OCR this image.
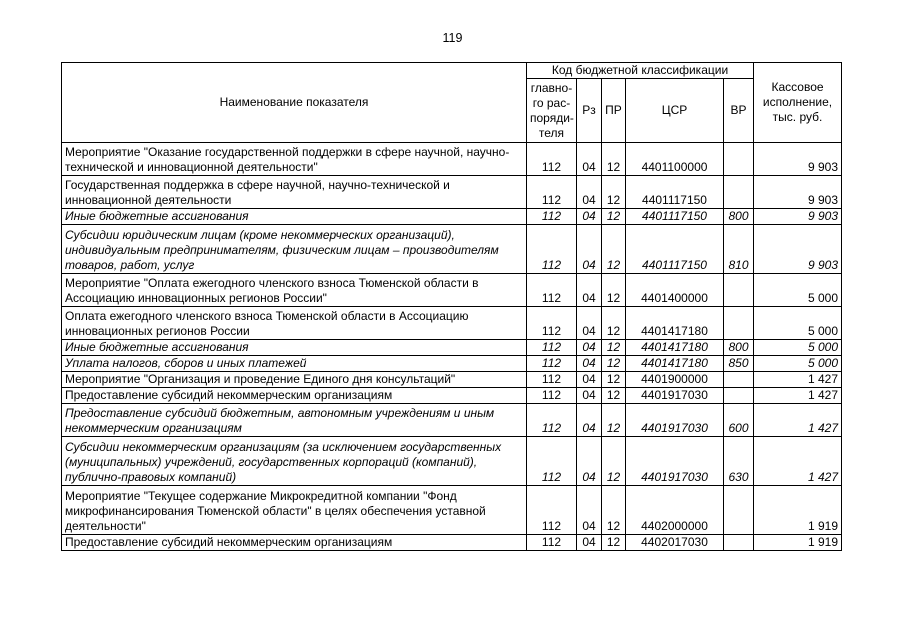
119
Наименование показателя	Код бюджетной классификации					Кассовое исполнение, тыс. руб.
	главно-го рас-поряди-теля	Рз	ПР	ЦСР	ВР	
Мероприятие "Оказание государственной поддержки в сфере научной, научно-технической и инновационной деятельности"	112	04	12	4401100000		9 903
Государственная поддержка в сфере научной, научно-технической и инновационной деятельности	112	04	12	4401117150		9 903
Иные бюджетные ассигнования	112	04	12	4401117150	800	9 903
Субсидии юридическим лицам (кроме некоммерческих организаций), индивидуальным предпринимателям, физическим лицам – производителям товаров, работ, услуг	112	04	12	4401117150	810	9 903
Мероприятие "Оплата ежегодного членского взноса Тюменской области в Ассоциацию инновационных регионов России"	112	04	12	4401400000		5 000
Оплата ежегодного членского взноса Тюменской области в Ассоциацию инновационных регионов России	112	04	12	4401417180		5 000
Иные бюджетные ассигнования	112	04	12	4401417180	800	5 000
Уплата налогов, сборов и иных платежей	112	04	12	4401417180	850	5 000
Мероприятие "Организация и проведение Единого дня консультаций"	112	04	12	4401900000		1 427
Предоставление субсидий некоммерческим организациям	112	04	12	4401917030		1 427
Предоставление субсидий бюджетным, автономным учреждениям и иным некоммерческим организациям	112	04	12	4401917030	600	1 427
Субсидии некоммерческим организациям (за исключением государственных (муниципальных) учреждений, государственных корпораций (компаний), публично-правовых компаний)	112	04	12	4401917030	630	1 427
Мероприятие "Текущее содержание Микрокредитной компании "Фонд микрофинансирования Тюменской области" в целях обеспечения уставной деятельности"	112	04	12	4402000000		1 919
Предоставление субсидий некоммерческим организациям	112	04	12	4402017030		1 919
